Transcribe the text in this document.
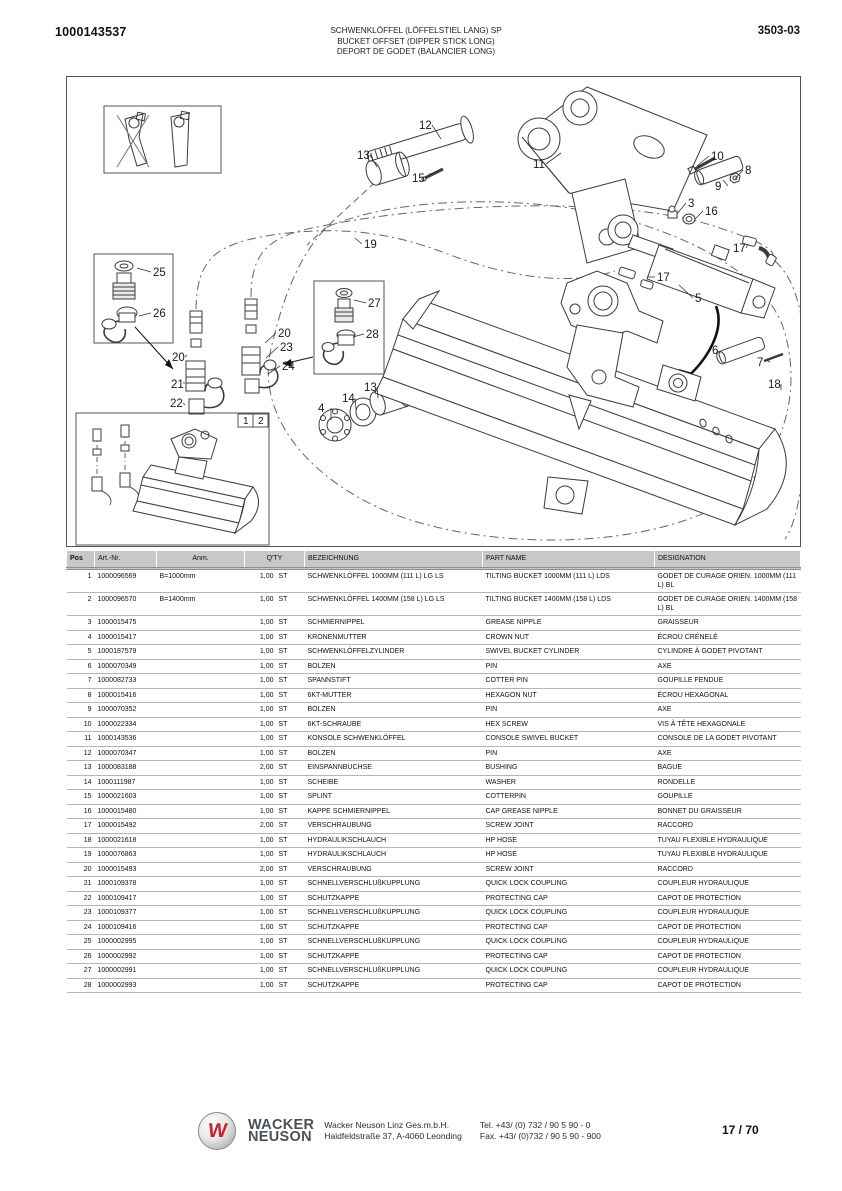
1000143537	SCHWENKLÖFFEL (LÖFFELSTIEL LANG) SP
BUCKET OFFSET (DIPPER STICK LONG)
DEPORT DE GODET (BALANCIER LONG)
3503-03
12
13
15
11
10
8
9
3
16
17
17
5
19
6
7
18
25
26
27
28
20
21
22
20
23
24
4
14
13
1 2
Pos	Art.-Nr.	Anm.	Q'TY	BEZEICHNUNG	PART NAME	DESIGNATION
1	1000096569	B=1000mm	1,00 ST	SCHWENKLÖFFEL 1000MM (111 L) LG LS	TILTING BUCKET 1000MM (111 L) LDS	GODET DE CURAGE ORIEN. 1000MM (111 L) BL
2	1000096570	B=1400mm	1,00 ST	SCHWENKLÖFFEL 1400MM (158 L) LG LS	TILTING BUCKET 1400MM (158 L) LDS	GODET DE CURAGE ORIEN. 1400MM (158 L) BL
3	1000015475		1,00 ST	SCHMIERNIPPEL	GREASE NIPPLE	GRAISSEUR
4	1000015417		1,00 ST	KRONENMUTTER	CROWN NUT	ÉCROU CRÉNELÉ
5	1000187579		1,00 ST	SCHWENKLÖFFELZYLINDER	SWIVEL BUCKET CYLINDER	CYLINDRE À GODET PIVOTANT
6	1000070349		1,00 ST	BOLZEN	PIN	AXE
7	1000082733		1,00 ST	SPANNSTIFT	COTTER PIN	GOUPILLE FENDUE
8	1000015416		1,00 ST	6KT-MUTTER	HEXAGON NUT	ÉCROU HEXAGONAL
9	1000070352		1,00 ST	BOLZEN	PIN	AXE
10	1000022334		1,00 ST	6KT-SCHRAUBE	HEX SCREW	VIS À TÊTE HEXAGONALE
11	1000143536		1,00 ST	KONSOLE SCHWENKLÖFFEL	CONSOLE SWIVEL BUCKET	CONSOLE DE LA GODET PIVOTANT
12	1000070347		1,00 ST	BOLZEN	PIN	AXE
13	1000083188		2,00 ST	EINSPANNBUCHSE	BUSHING	BAGUE
14	1000111987		1,00 ST	SCHEIBE	WASHER	RONDELLE
15	1000021603		1,00 ST	SPLINT	COTTERPIN	GOUPILLE
16	1000015480		1,00 ST	KAPPE SCHMIERNIPPEL	CAP GREASE NIPPLE	BONNET DU GRAISSEUR
17	1000015492		2,00 ST	VERSCHRAUBUNG	SCREW JOINT	RACCORD
18	1000021618		1,00 ST	HYDRAULIKSCHLAUCH	HP HOSE	TUYAU FLEXIBLE HYDRAULIQUE
19	1000076863		1,00 ST	HYDRAULIKSCHLAUCH	HP HOSE	TUYAU FLEXIBLE HYDRAULIQUE
20	1000015493		2,00 ST	VERSCHRAUBUNG	SCREW JOINT	RACCORD
21	1000109378		1,00 ST	SCHNELLVERSCHLUßKUPPLUNG	QUICK LOCK COUPLING	COUPLEUR HYDRAULIQUE
22	1000109417		1,00 ST	SCHUTZKAPPE	PROTECTING CAP	CAPOT DE PROTECTION
23	1000109377		1,00 ST	SCHNELLVERSCHLUßKUPPLUNG	QUICK LOCK COUPLING	COUPLEUR HYDRAULIQUE
24	1000109416		1,00 ST	SCHUTZKAPPE	PROTECTING CAP	CAPOT DE PROTECTION
25	1000002995		1,00 ST	SCHNELLVERSCHLUßKUPPLUNG	QUICK LOCK COUPLING	COUPLEUR HYDRAULIQUE
26	1000002992		1,00 ST	SCHUTZKAPPE	PROTECTING CAP	CAPOT DE PROTECTION
27	1000002991		1,00 ST	SCHNELLVERSCHLUßKUPPLUNG	QUICK LOCK COUPLING	COUPLEUR HYDRAULIQUE
28	1000002993		1,00 ST	SCHUTZKAPPE	PROTECTING CAP	CAPOT DE PROTECTION
W WACKER
NEUSON
Wacker Neuson Linz Ges.m.b.H.
Haidfeldstraße 37, A-4060 Leonding
Tel. +43/ (0) 732 / 90 5 90 - 0
Fax. +43/ (0)732 / 90 5 90 - 900	17 / 70
